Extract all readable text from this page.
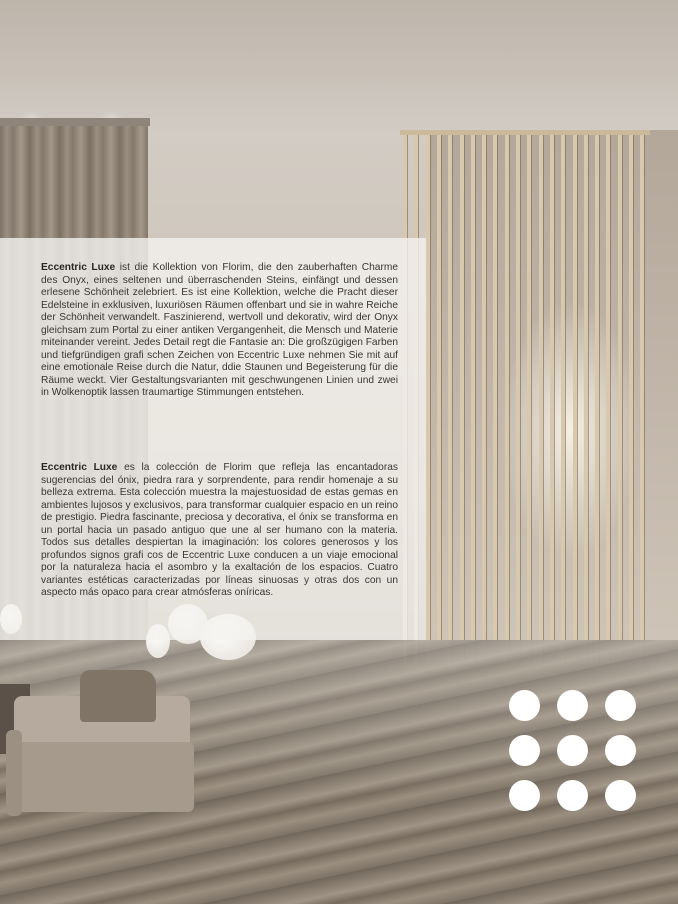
Eccentric Luxe ist die Kollektion von Florim, die den zauberhaften Charme des Onyx, eines seltenen und überraschenden Steins, einfängt und dessen erlesene Schönheit zelebriert. Es ist eine Kollektion, welche die Pracht dieser Edelsteine in exklusiven, luxuriösen Räumen offenbart und sie in wahre Reiche der Schönheit verwandelt. Faszinierend, wertvoll und dekorativ, wird der Onyx gleichsam zum Portal zu einer antiken Vergangenheit, die Mensch und Materie miteinander vereint. Jedes Detail regt die Fantasie an: Die großzügigen Farben und tiefgründigen grafi schen Zeichen von Eccentric Luxe nehmen Sie mit auf eine emotionale Reise durch die Natur, ddie Staunen und Begeisterung für die Räume weckt. Vier Gestaltungsvarianten mit geschwungenen Linien und zwei in Wolkenoptik lassen traumartige Stimmungen entstehen.

Eccentric Luxe es la colección de Florim que refleja las encantadoras sugerencias del ónix, piedra rara y sorprendente, para rendir homenaje a su belleza extrema. Esta colección muestra la majestuosidad de estas gemas en ambientes lujosos y exclusivos, para transformar cualquier espacio en un reino de prestigio. Piedra fascinante, preciosa y decorativa, el ónix se transforma en un portal hacia un pasado antiguo que une al ser humano con la materia. Todos sus detalles despiertan la imaginación: los colores generosos y los profundos signos grafi cos de Eccentric Luxe conducen a un viaje emocional por la naturaleza hacia el asombro y la exaltación de los espacios. Cuatro variantes estéticas caracterizadas por líneas sinuosas y otras dos con un aspecto más opaco para crear atmósferas oníricas.
